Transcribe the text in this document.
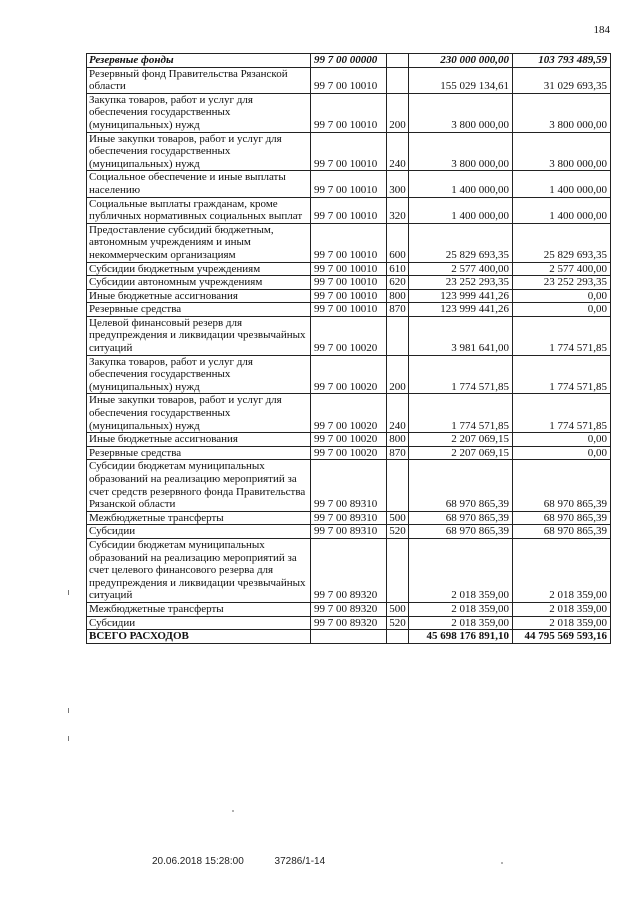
184
Резервные фонды	99 7 00 00000		230 000 000,00	103 793 489,59
Резервный фонд Правительства Рязанской области	99 7 00 10010		155 029 134,61	31 029 693,35
Закупка товаров, работ и услуг для обеспечения государственных (муниципальных) нужд	99 7 00 10010	200	3 800 000,00	3 800 000,00
Иные закупки товаров, работ и услуг для обеспечения государственных (муниципальных) нужд	99 7 00 10010	240	3 800 000,00	3 800 000,00
Социальное обеспечение и иные выплаты населению	99 7 00 10010	300	1 400 000,00	1 400 000,00
Социальные выплаты гражданам, кроме публичных нормативных социальных выплат	99 7 00 10010	320	1 400 000,00	1 400 000,00
Предоставление субсидий бюджетным, автономным учреждениям и иным некоммерческим организациям	99 7 00 10010	600	25 829 693,35	25 829 693,35
Субсидии бюджетным учреждениям	99 7 00 10010	610	2 577 400,00	2 577 400,00
Субсидии автономным учреждениям	99 7 00 10010	620	23 252 293,35	23 252 293,35
Иные бюджетные ассигнования	99 7 00 10010	800	123 999 441,26	0,00
Резервные средства	99 7 00 10010	870	123 999 441,26	0,00
Целевой финансовый резерв для предупреждения и ликвидации чрезвычайных ситуаций	99 7 00 10020		3 981 641,00	1 774 571,85
Закупка товаров, работ и услуг для обеспечения государственных (муниципальных) нужд	99 7 00 10020	200	1 774 571,85	1 774 571,85
Иные закупки товаров, работ и услуг для обеспечения государственных (муниципальных) нужд	99 7 00 10020	240	1 774 571,85	1 774 571,85
Иные бюджетные ассигнования	99 7 00 10020	800	2 207 069,15	0,00
Резервные средства	99 7 00 10020	870	2 207 069,15	0,00
Субсидии бюджетам муниципальных образований на реализацию мероприятий за счет средств резервного фонда Правительства Рязанской области	99 7 00 89310		68 970 865,39	68 970 865,39
Межбюджетные трансферты	99 7 00 89310	500	68 970 865,39	68 970 865,39
Субсидии	99 7 00 89310	520	68 970 865,39	68 970 865,39
Субсидии бюджетам муниципальных образований на реализацию мероприятий за счет целевого финансового резерва для предупреждения и ликвидации чрезвычайных ситуаций	99 7 00 89320		2 018 359,00	2 018 359,00
Межбюджетные трансферты	99 7 00 89320	500	2 018 359,00	2 018 359,00
Субсидии	99 7 00 89320	520	2 018 359,00	2 018 359,00
ВСЕГО РАСХОДОВ			45 698 176 891,10	44 795 569 593,16
20.06.2018 15:28:00	37286/1-14
